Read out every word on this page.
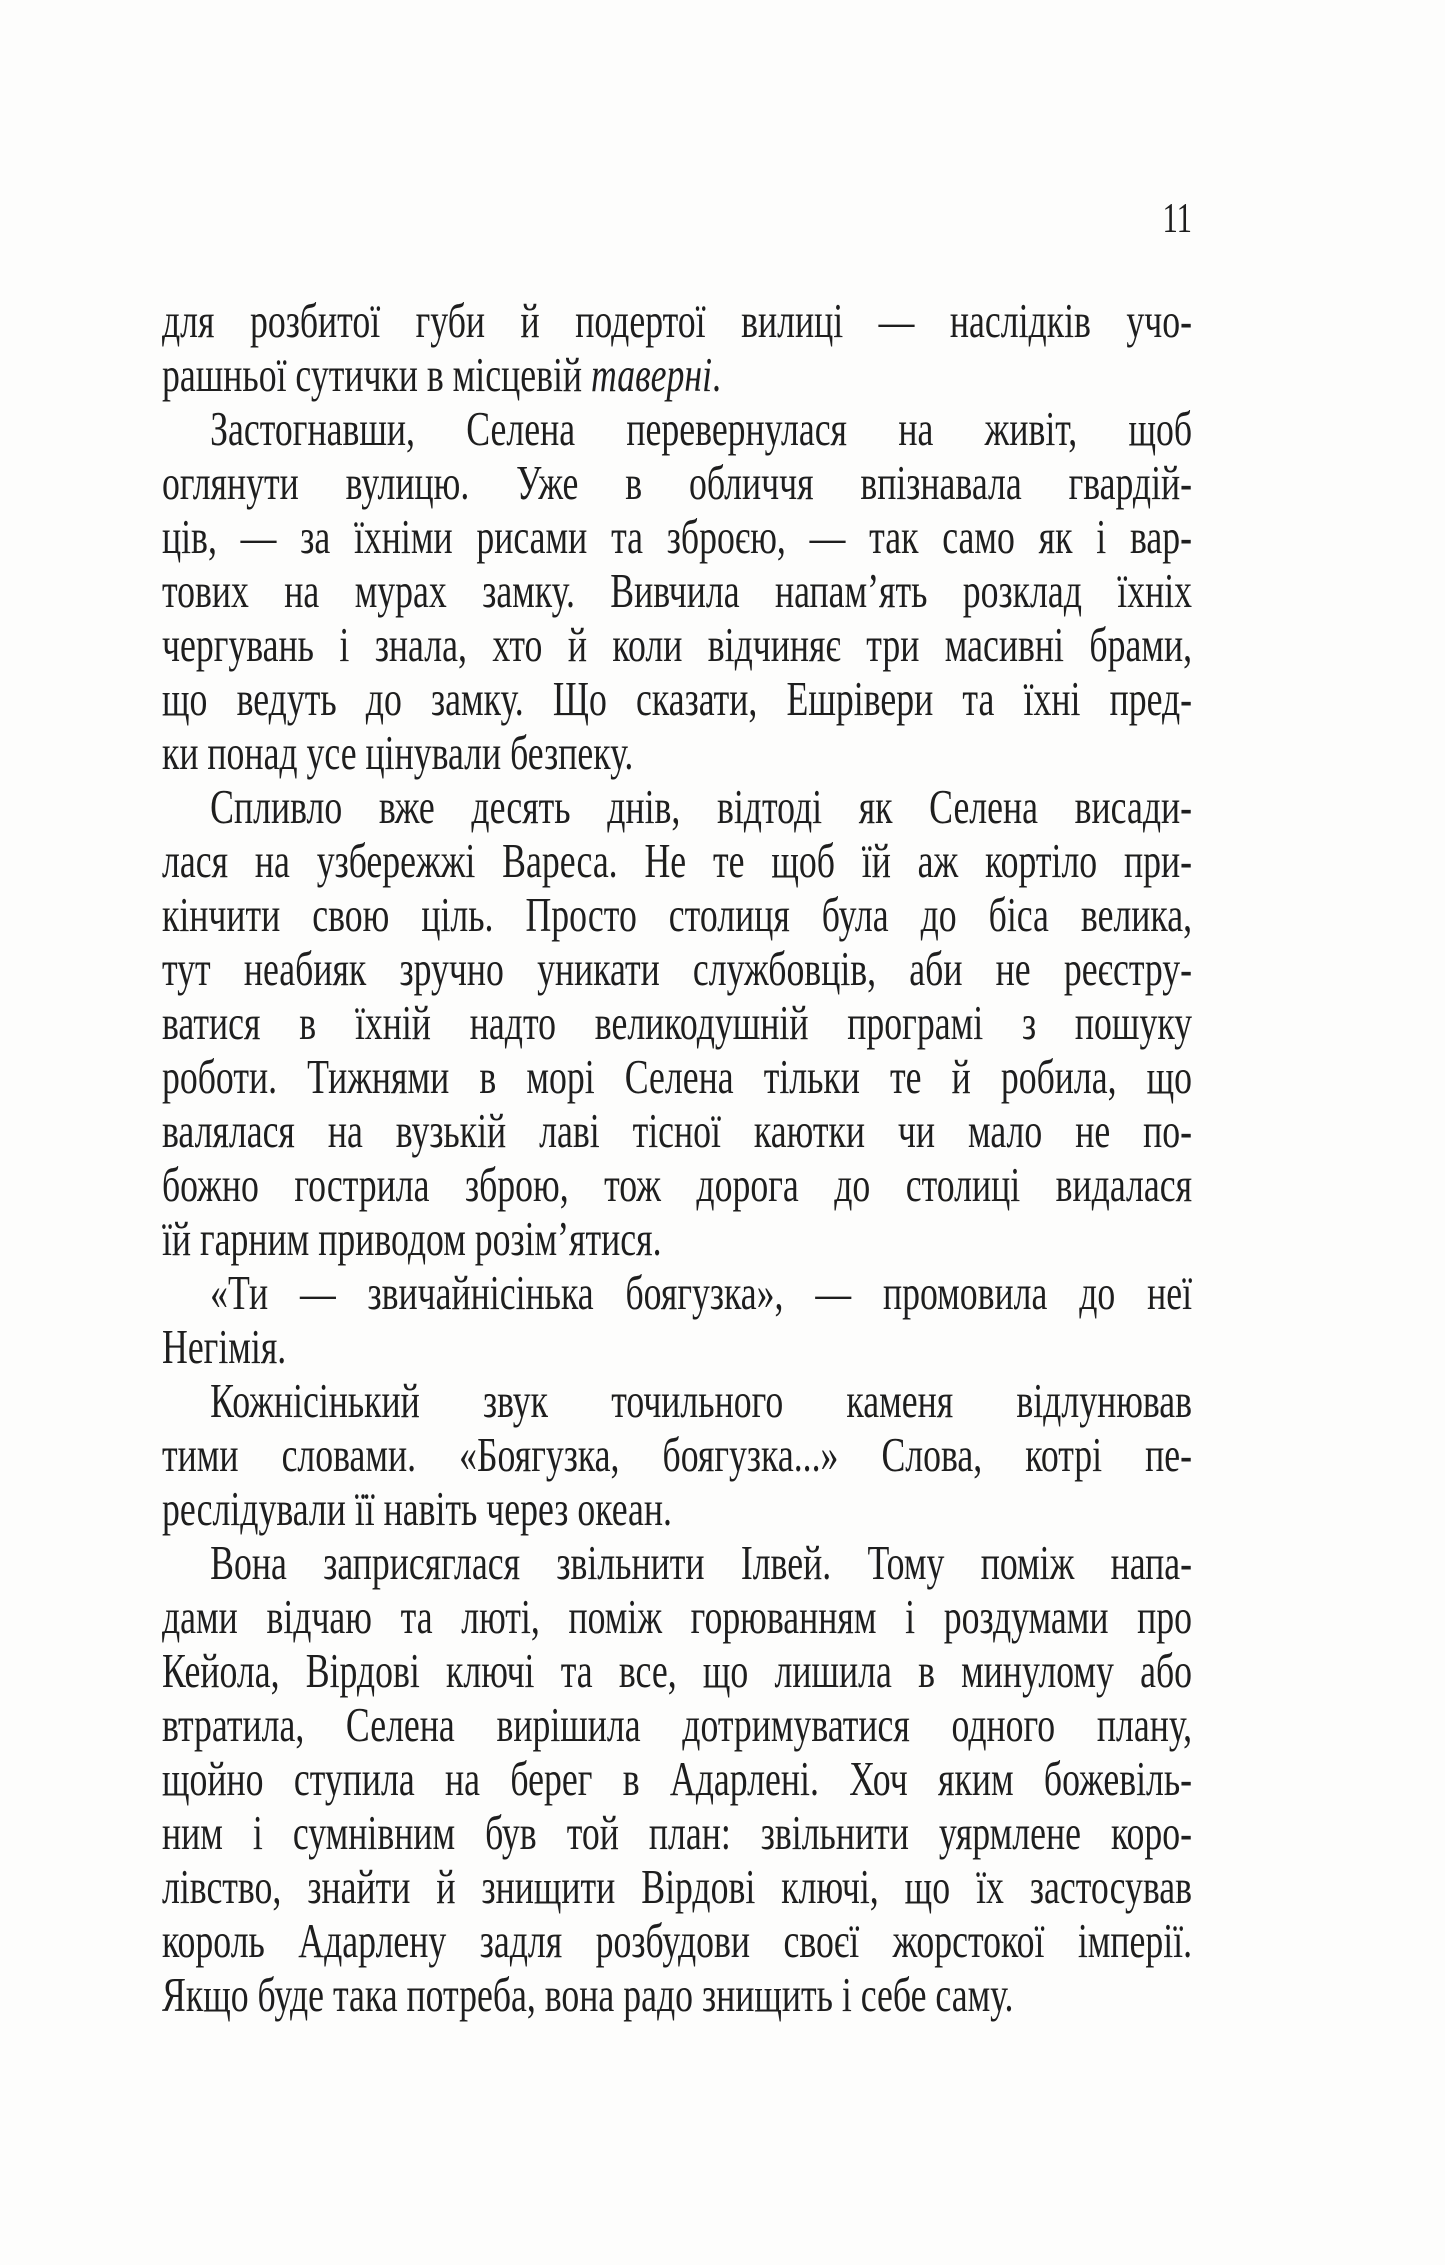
11
для розбитої губи й подертої вилиці — наслідків учо-
рашньої сутички в місцевій таверні.
Застогнавши, Селена перевернулася на живіт, щоб
оглянути вулицю. Уже в обличчя впізнавала гвардій-
ців, — за їхніми рисами та зброєю, — так само як і вар-
тових на мурах замку. Вивчила напам’ять розклад їхніх
чергувань і знала, хто й коли відчиняє три масивні брами,
що ведуть до замку. Що сказати, Ешрівери та їхні пред-
ки понад усе цінували безпеку.
Спливло вже десять днів, відтоді як Селена висади-
лася на узбережжі Вареса. Не те щоб їй аж кортіло при-
кінчити свою ціль. Просто столиця була до біса велика,
тут неабияк зручно уникати службовців, аби не реєстру-
ватися в їхній надто великодушній програмі з пошуку
роботи. Тижнями в морі Селена тільки те й робила, що
валялася на вузькій лаві тісної каютки чи мало не по-
божно гострила зброю, тож дорога до столиці видалася
їй гарним приводом розім’ятися.
«Ти — звичайнісінька боягузка», — промовила до неї
Негімія.
Кожнісінький звук точильного каменя відлунював
тими словами. «Боягузка, боягузка...» Слова, котрі пе-
реслідували її навіть через океан.
Вона заприсяглася звільнити Ілвей. Тому поміж напа-
дами відчаю та люті, поміж горюванням і роздумами про
Кейола, Вірдові ключі та все, що лишила в минулому або
втратила, Селена вирішила дотримуватися одного плану,
щойно ступила на берег в Адарлені. Хоч яким божевіль-
ним і сумнівним був той план: звільнити уярмлене коро-
лівство, знайти й знищити Вірдові ключі, що їх застосував
король Адарлену задля розбудови своєї жорстокої імперії.
Якщо буде така потреба, вона радо знищить і себе саму.
